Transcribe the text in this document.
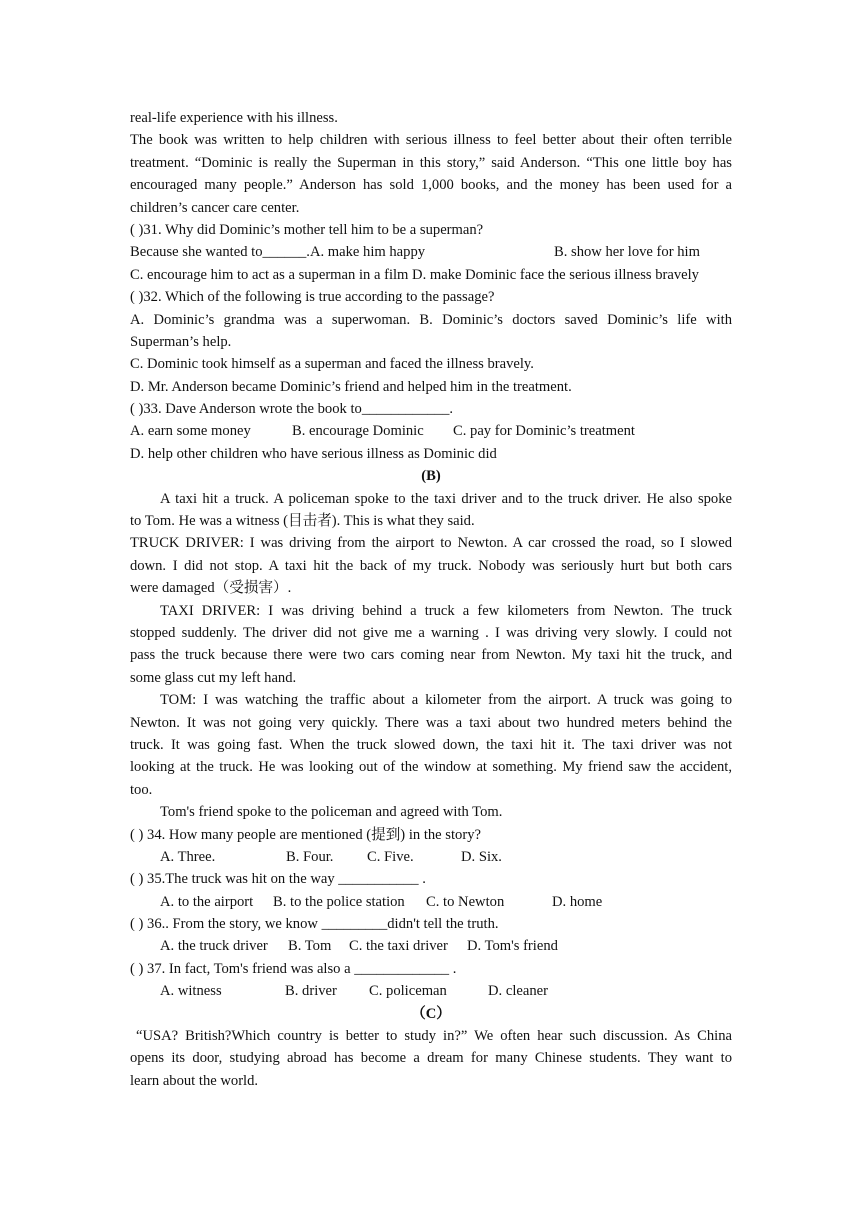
real-life experience with his illness.
The book was written to help children with serious illness to feel better about their often terrible
treatment. “Dominic is really the Superman in this story,” said Anderson. “This one little boy has
encouraged many people.” Anderson has sold 1,000 books, and the money has been used for a
children’s cancer care center.
( )31. Why did Dominic’s mother tell him to be a superman?
Because she wanted to______.A. make him happy	B. show her love for him
C. encourage him to act as a superman in a film D. make Dominic face the serious illness bravely
( )32. Which of the following is true according to the passage?
A. Dominic’s grandma was a superwoman. B. Dominic’s doctors saved Dominic’s life with
Superman’s help.
C. Dominic took himself as a superman and faced the illness bravely.
D. Mr. Anderson became Dominic’s friend and helped him in the treatment.
( )33. Dave Anderson wrote the book to____________.
A. earn some money	B. encourage Dominic C. pay for Dominic’s treatment
D. help other children who have serious illness as Dominic did
(B)
A taxi hit a truck. A policeman spoke to the taxi driver and to the truck driver. He also spoke
to Tom. He was a witness (目击者). This is what they said.
TRUCK DRIVER: I was driving from the airport to Newton. A car crossed the road, so I slowed
down. I did not stop. A taxi hit the back of my truck. Nobody was seriously hurt but both cars
were damaged（受损害）.
TAXI DRIVER: I was driving behind a truck a few kilometers from Newton. The truck
stopped suddenly. The driver did not give me a warning . I was driving very slowly. I could not
pass the truck because there were two cars coming near from Newton. My taxi hit the truck, and
some glass cut my left hand.
TOM: I was watching the traffic about a kilometer from the airport. A truck was going to
Newton. It was not going very quickly. There was a taxi about two hundred meters behind the
truck. It was going fast. When the truck slowed down, the taxi hit it. The taxi driver was not
looking at the truck. He was looking out of the window at something. My friend saw the accident,
too.
Tom's friend spoke to the policeman and agreed with Tom.
( ) 34. How many people are mentioned (提到) in the story?
A. Three.	B. Four. C. Five.	D. Six.
( ) 35.The truck was hit on the way ___________ .
A. to the airport B. to the police station C. to Newton	D. home
( ) 36.. From the story, we know _________didn't tell the truth.
A. the truck driver B. Tom C. the taxi driver D. Tom's friend
( ) 37. In fact, Tom's friend was also a _____________ .
A. witness	B. driver C. policeman	D. cleaner
（C）
“USA? British?Which country is better to study in?” We often hear such discussion. As China
opens its door, studying abroad has become a dream for many Chinese students. They want to
learn about the world.
